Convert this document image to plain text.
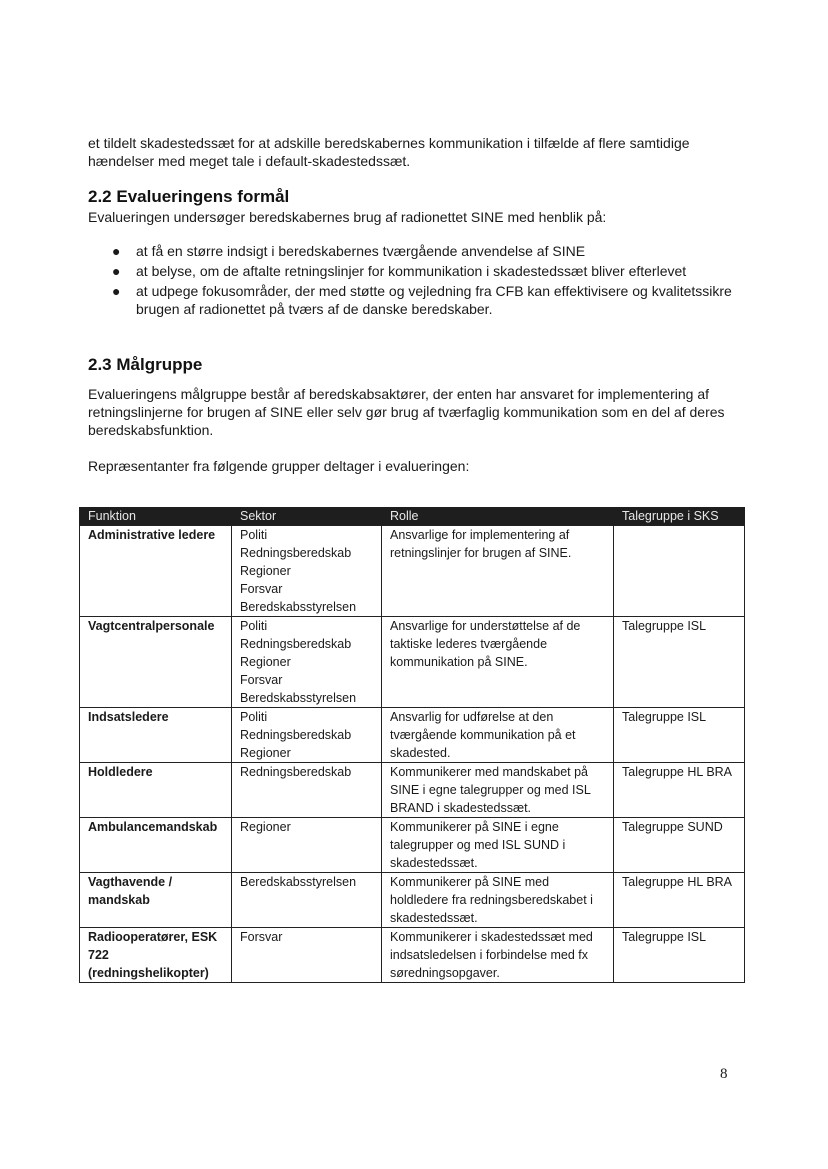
et tildelt skadestedssæt for at adskille beredskabernes kommunikation i tilfælde af flere samtidige hændelser med meget tale i default-skadestedssæt.

2.2 Evalueringens formål

Evalueringen undersøger beredskabernes brug af radionettet SINE med henblik på:

● at få en større indsigt i beredskabernes tværgående anvendelse af SINE
● at belyse, om de aftalte retningslinjer for kommunikation i skadestedssæt bliver efterlevet
● at udpege fokusområder, der med støtte og vejledning fra CFB kan effektivisere og kvalitetssikre brugen af radionettet på tværs af de danske beredskaber.
2.3 Målgruppe

Evalueringens målgruppe består af beredskabsaktører, der enten har ansvaret for implementering af retningslinjerne for brugen af SINE eller selv gør brug af tværfaglig kommunikation som en del af deres beredskabsfunktion.

Repræsentanter fra følgende grupper deltager i evalueringen:

Funktion	Sektor	Rolle	Talegruppe i SKS
Administrative ledere	Politi
Redningsberedskab
Regioner
Forsvar
Beredskabsstyrelsen	Ansvarlige for implementering af retningslinjer for brugen af SINE.	
Vagtcentralpersonale	Politi
Redningsberedskab
Regioner
Forsvar
Beredskabsstyrelsen	Ansvarlige for understøttelse af de taktiske lederes tværgående kommunikation på SINE.	Talegruppe ISL
Indsatsledere	Politi
Redningsberedskab
Regioner	Ansvarlig for udførelse at den tværgående kommunikation på et skadested.	Talegruppe ISL
Holdledere	Redningsberedskab	Kommunikerer med mandskabet på SINE i egne talegrupper og med ISL BRAND i skadestedssæt.	Talegruppe HL BRA
Ambulancemandskab	Regioner	Kommunikerer på SINE i egne talegrupper og med ISL SUND i skadestedssæt.	Talegruppe SUND
Vagthavende / mandskab	Beredskabsstyrelsen	Kommunikerer på SINE med holdledere fra redningsberedskabet i skadestedssæt.	Talegruppe HL BRA
Radiooperatører, ESK 722 (redningshelikopter)	Forsvar	Kommunikerer i skadestedssæt med indsatsledelsen i forbindelse med fx søredningsopgaver.	Talegruppe ISL
8
